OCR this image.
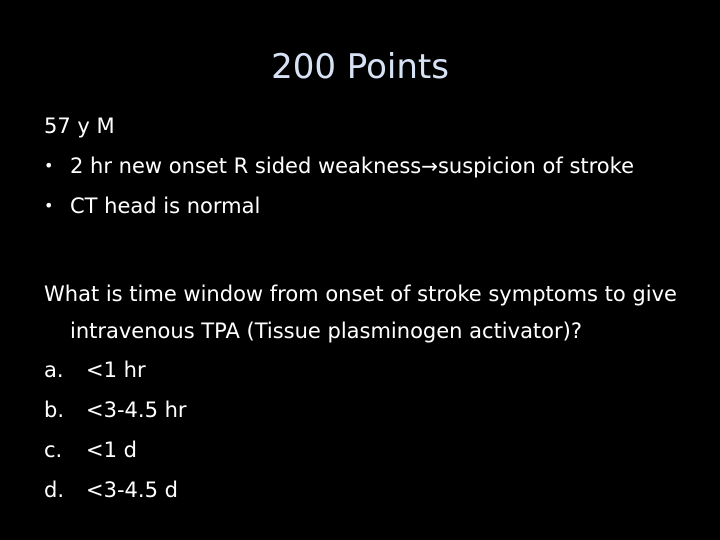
200 Points
57 y M
• 2 hr new onset R sided weakness→suspicion of stroke
• CT head is normal
What is time window from onset of stroke symptoms to give intravenous TPA (Tissue plasminogen activator)?
a. <1 hr
b. <3-4.5 hr
c. <1 d
d. <3-4.5 d
